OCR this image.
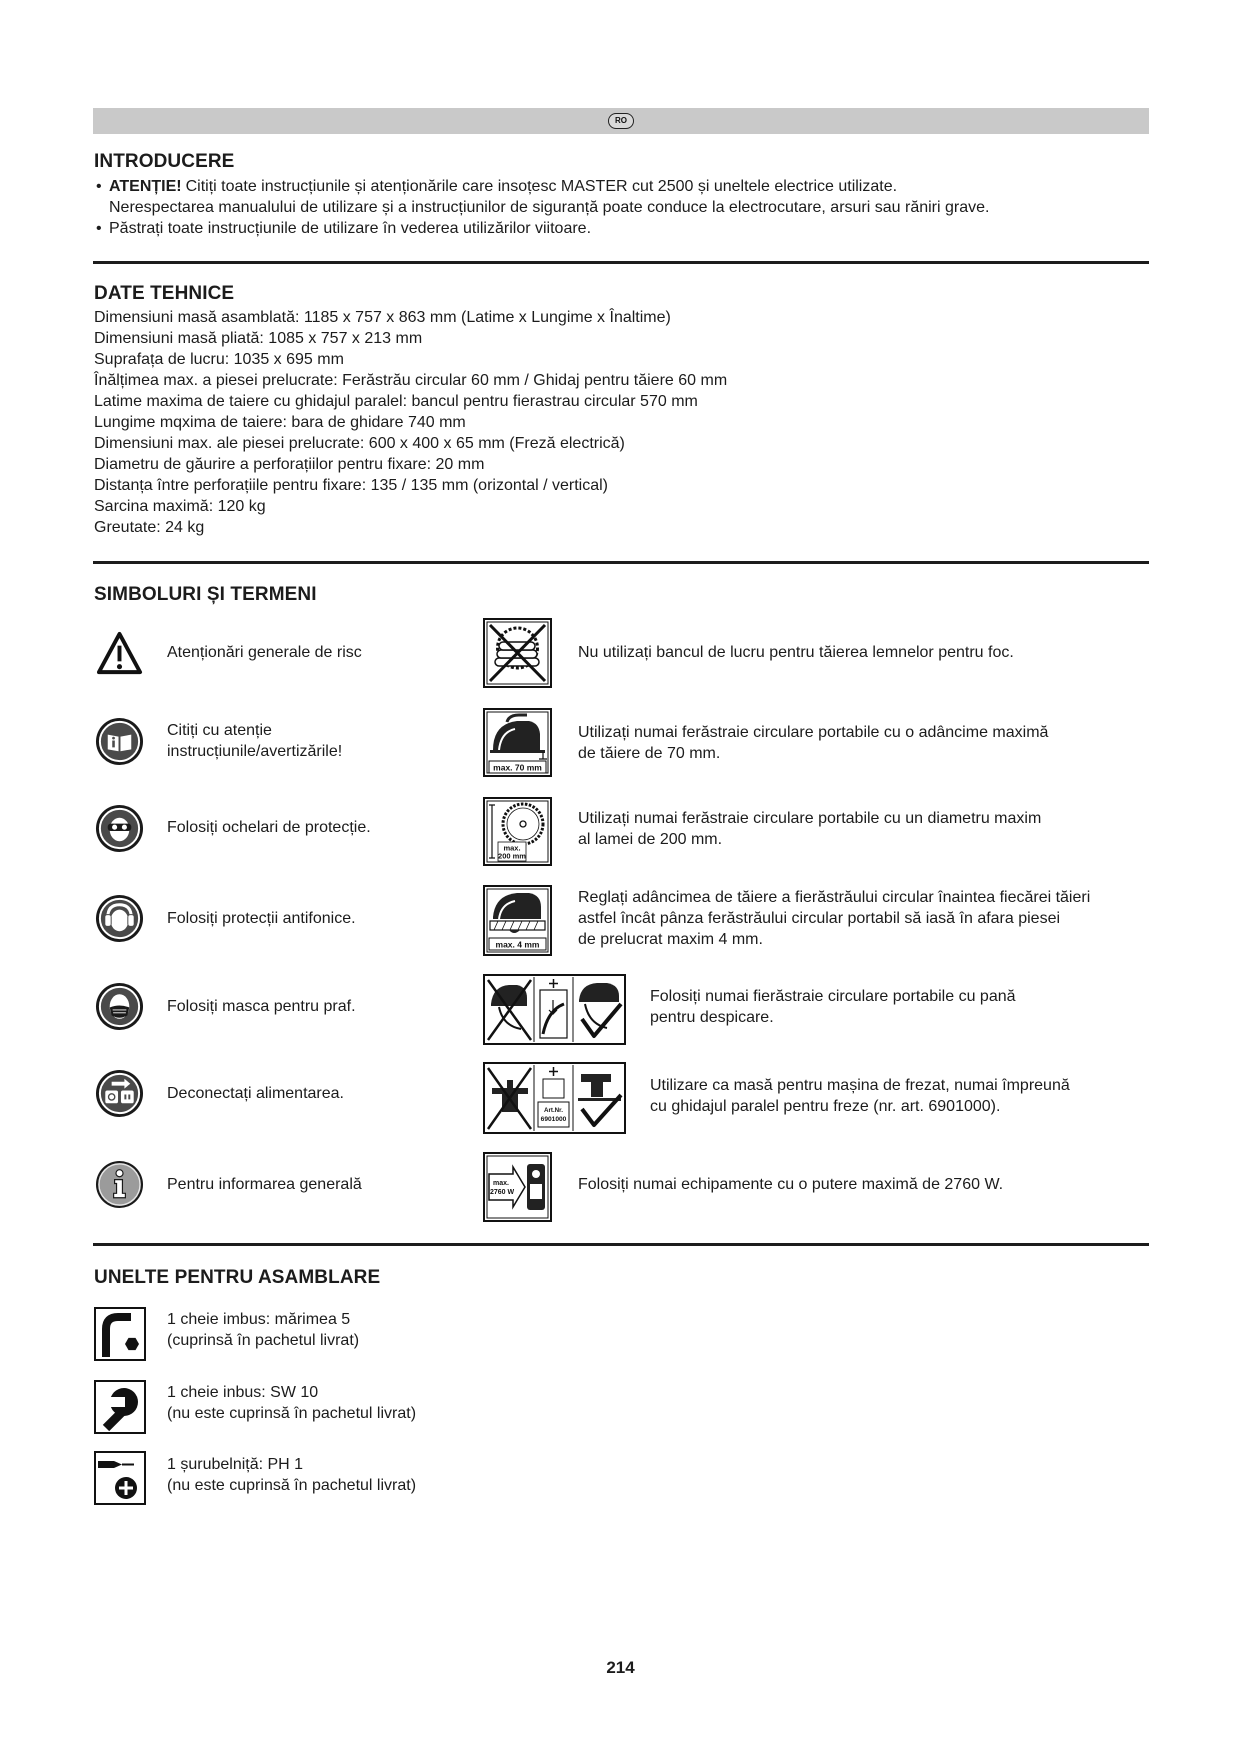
RO
INTRODUCERE
• ATENȚIE! Citiți toate instrucțiunile și atenționările care insoțesc MASTER cut 2500 și uneltele electrice utilizate.
Nerespectarea manualului de utilizare și a instrucțiunilor de siguranță poate conduce la electrocutare, arsuri sau răniri grave.
• Păstrați toate instrucțiunile de utilizare în vederea utilizărilor viitoare.
DATE TEHNICE
Dimensiuni masă asamblată: 1185 x 757 x 863 mm (Latime x Lungime x Înaltime)
Dimensiuni masă pliată: 1085 x 757 x 213 mm
Suprafața de lucru: 1035 x 695 mm
Înălțimea max. a piesei prelucrate: Ferăstrău circular 60 mm / Ghidaj pentru tăiere 60 mm
Latime maxima de taiere cu ghidajul paralel: bancul pentru fierastrau circular 570 mm
Lungime mqxima de taiere: bara de ghidare 740 mm
Dimensiuni max. ale piesei prelucrate: 600 x 400 x 65 mm (Freză electrică)
Diametru de găurire a perforațiilor pentru fixare: 20 mm
Distanța între perforațiile pentru fixare: 135 / 135 mm (orizontal / vertical)
Sarcina maximă: 120 kg
Greutate: 24 kg
SIMBOLURI ȘI TERMENI
Atenționări generale de risc
Citiți cu atenție
instrucțiunile/avertizările!
Folosiți ochelari de protecție.
Folosiți protecții antifonice.
Folosiți masca pentru praf.
Deconectați alimentarea.
Pentru informarea generală
Nu utilizați bancul de lucru pentru tăierea lemnelor pentru foc.
max. 70 mm
Utilizați numai ferăstraie circulare portabile cu o adâncime maximă
de tăiere de 70 mm.
max.
200 mm
Utilizați numai ferăstraie circulare portabile cu un diametru maxim
al lamei de 200 mm.
max. 4 mm
Reglați adâncimea de tăiere a fierăstrăului circular înaintea fiecărei tăieri
astfel încât pânza ferăstrăului circular portabil să iasă în afara piesei
de prelucrat maxim 4 mm.
Folosiți numai fierăstraie circulare portabile cu pană
pentru despicare.
Art.Nr.
6901000
Utilizare ca masă pentru mașina de frezat, numai împreună
cu ghidajul paralel pentru freze (nr. art. 6901000).
max.
2760 W	Folosiți numai echipamente cu o putere maximă de 2760 W.
UNELTE PENTRU ASAMBLARE
1 cheie imbus: mărimea 5
(cuprinsă în pachetul livrat)
1 cheie inbus: SW 10
(nu este cuprinsă în pachetul livrat)
1 șurubelniță: PH 1
(nu este cuprinsă în pachetul livrat)
214
